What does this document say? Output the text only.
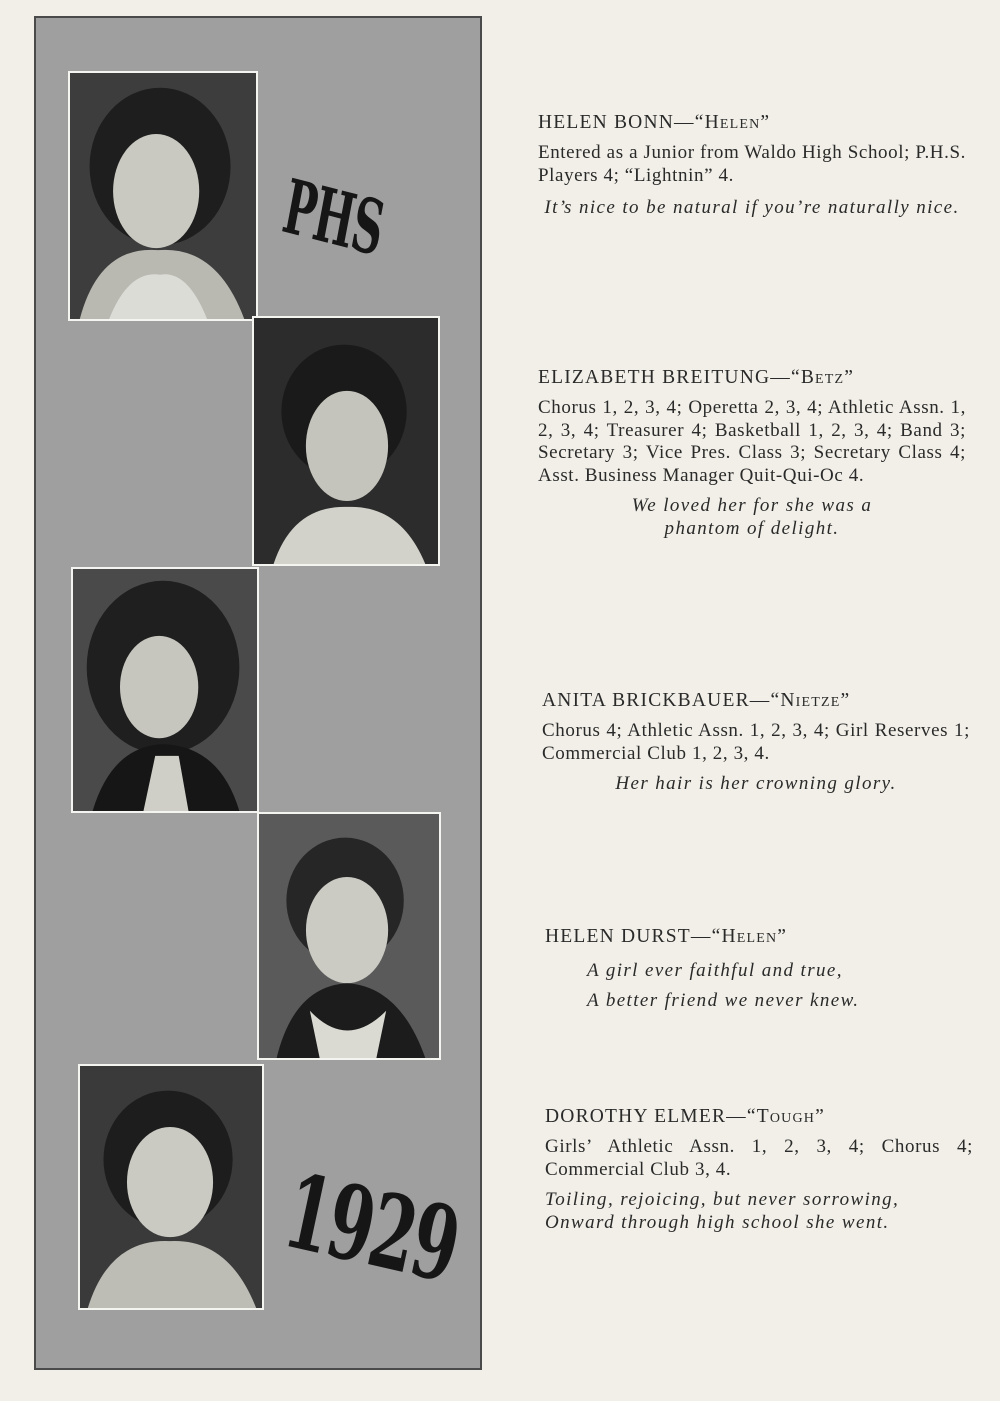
PHS
1929
HELEN BONN—“Helen”

Entered as a Junior from Waldo High School; P.H.S. Players 4; “Lightnin” 4.

It’s nice to be natural if you’re naturally nice.

ELIZABETH BREITUNG—“Betz”

Chorus 1, 2, 3, 4; Operetta 2, 3, 4; Athletic Assn. 1, 2, 3, 4; Treasurer 4; Basketball 1, 2, 3, 4; Band 3; Secretary 3; Vice Pres. Class 3; Secretary Class 4; Asst. Business Manager Quit-Qui-Oc 4.

We loved her for she was a
phantom of delight.

ANITA BRICKBAUER—“Nietze”

Chorus 4; Athletic Assn. 1, 2, 3, 4; Girl Reserves 1; Commercial Club 1, 2, 3, 4.

Her hair is her crowning glory.

HELEN DURST—“Helen”

A girl ever faithful and true,
A better friend we never knew.

DOROTHY ELMER—“Tough”

Girls’ Athletic Assn. 1, 2, 3, 4; Chorus 4; Commercial Club 3, 4.

Toiling, rejoicing, but never sorrowing,
Onward through high school she went.
